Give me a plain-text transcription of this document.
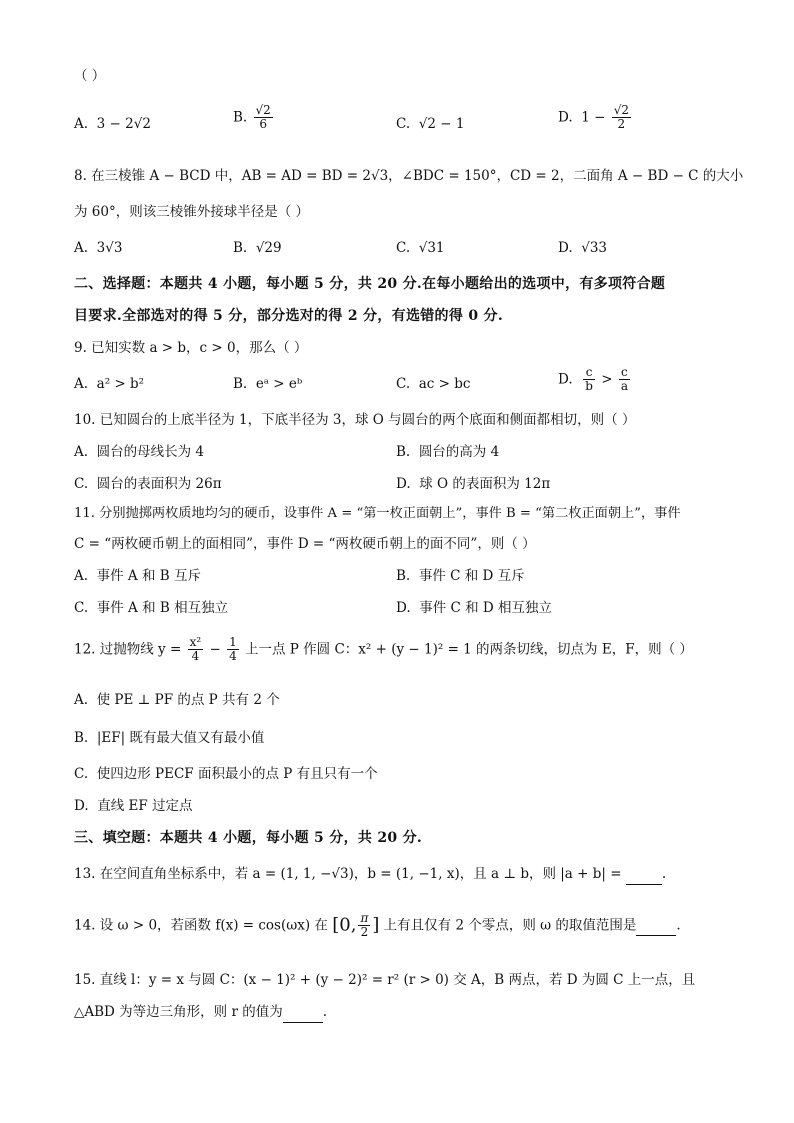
（ ）
A. 3 − 2√2	B. $\frac{√2}{6}$	C. √2 − 1	D. $1 - \frac{√2}{2}$
8. 在三棱锥 A − BCD 中，AB = AD = BD = 2√3，∠BDC = 150°，CD = 2，二面角 A − BD − C 的大小
为 60°，则该三棱锥外接球半径是（ ）
A. 3√3	B. √29	C. √31	D. √33
二、选择题：本题共 4 小题，每小题 5 分，共 20 分.在每小题给出的选项中，有多项符合题
目要求.全部选对的得 5 分，部分选对的得 2 分，有选错的得 0 分.
9. 已知实数 a > b，c > 0，那么（ ）
A. a² > b²	B. eᵃ > eᵇ	C. ac > bc	D. $\frac{c}{b} > \frac{c}{a}$
10. 已知圆台的上底半径为 1，下底半径为 3，球 O 与圆台的两个底面和侧面都相切，则（ ）
A. 圆台的母线长为 4	B. 圆台的高为 4
C. 圆台的表面积为 26π	D. 球 O 的表面积为 12π
11. 分别抛掷两枚质地均匀的硬币，设事件 A = “第一枚正面朝上”，事件 B = “第二枚正面朝上”，事件
C = “两枚硬币朝上的面相同”，事件 D = “两枚硬币朝上的面不同”，则（ ）
A. 事件 A 和 B 互斥	B. 事件 C 和 D 互斥
C. 事件 A 和 B 相互独立	D. 事件 C 和 D 相互独立
12. 过抛物线 $y = \frac{\text{x²}}{4} - \frac{1}{4}$ 上一点 P 作圆 C：x² + (y − 1)² = 1 的两条切线，切点为 E，F，则（ ）
A. 使 PE ⊥ PF 的点 P 共有 2 个
B. |EF| 既有最大值又有最小值
C. 使四边形 PECF 面积最小的点 P 有且只有一个
D. 直线 EF 过定点
三、填空题：本题共 4 小题，每小题 5 分，共 20 分.
13. 在空间直角坐标系中，若 a = (1, 1, −√3)，b = (1, −1, x)，且 a ⊥ b，则 |a + b| =	.
14. 设 ω > 0，若函数 f(x) = cos(ωx) 在 [0, $\frac{\pi}{2}$ ] 上有且仅有 2 个零点，则 ω 的取值范围是	.
15. 直线 l：y = x 与圆 C：(x − 1)² + (y − 2)² = r² (r > 0) 交 A，B 两点，若 D 为圆 C 上一点，且
△ABD 为等边三角形，则 r 的值为	.
